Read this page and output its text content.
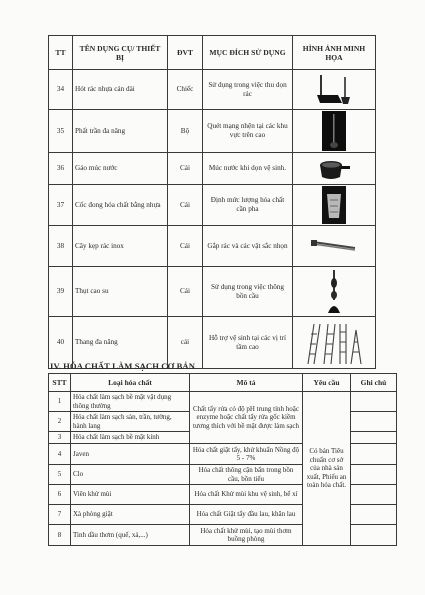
TT	TÊN DỤNG CỤ/ THIẾT BỊ	ĐVT	MỤC ĐÍCH SỬ DỤNG	HÌNH ẢNH MINH HỌA
34	Hót rác nhựa cán dài	Chiếc	Sử dụng trong việc thu dọn rác	

35	Phất trần đa năng	Bộ	Quét mạng nhện tại các khu vực trên cao	

36	Gáo múc nước	Cái	Múc nước khi dọn vệ sinh.	

37	Cốc đong hóa chất bằng nhựa	Cái	Định mức lượng hóa chất cần pha	

38	Cây kẹp rác inox	Cái	Gắp rác và các vật sắc nhọn	

39	Thụt cao su	Cái	Sử dụng trong việc thông bồn cầu	

40	Thang đa năng	cái	Hỗ trợ vệ sinh tại các vị trí tầm cao	
IV. HÓA CHẤT LÀM SẠCH CƠ BẢN
STT	Loại hóa chất	Mô tả	Yêu cầu	Ghi chú
1	Hóa chất làm sạch bề mặt vật dụng thông thường	Chất tẩy rửa có độ pH trung tính hoặc enzyme hoặc chất tẩy rửa gốc kiềm tương thích với bề mặt được làm sạch	Có bản Tiêu chuẩn cơ sở của nhà sản xuất, Phiếu an toàn hóa chất.	
2	Hóa chất làm sạch sàn, trần, tường, hành lang			
3	Hóa chất làm sạch bề mặt kính			
4	Javen	Hóa chất giặt tẩy, khử khuẩn Nồng độ 5 - 7%		
5	Clo	Hóa chất thông cặn bẩn trong bồn cầu, bồn tiểu		
6	Viên khử mùi	Hóa chất Khử mùi khu vệ sinh, bể xí		
7	Xà phòng giặt	Hóa chất Giặt tẩy đầu lau, khăn lau		
8	Tinh dầu thơm (quế, xả,...)	Hóa chất khử mùi, tạo mùi thơm buồng phòng		
